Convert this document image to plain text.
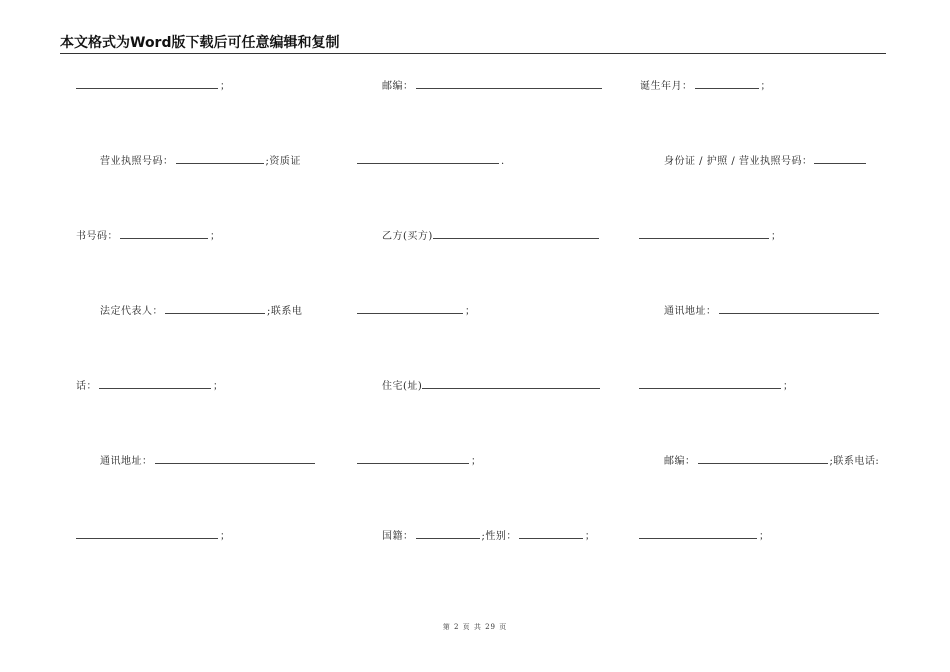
本文格式为Word版下载后可任意编辑和复制
；	邮编：	诞生年月：	；
营业执照号码：	;资质证	.	身份证 / 护照 / 营业执照号码：
书号码：	；	乙方(买方)	；
法定代表人：	;联系电	；	通讯地址：
话：	；	住宅(址)	；
通讯地址：	；	邮编：	;联系电话:
；	国籍：	;性别：	；	；
第 2 页 共 29 页
